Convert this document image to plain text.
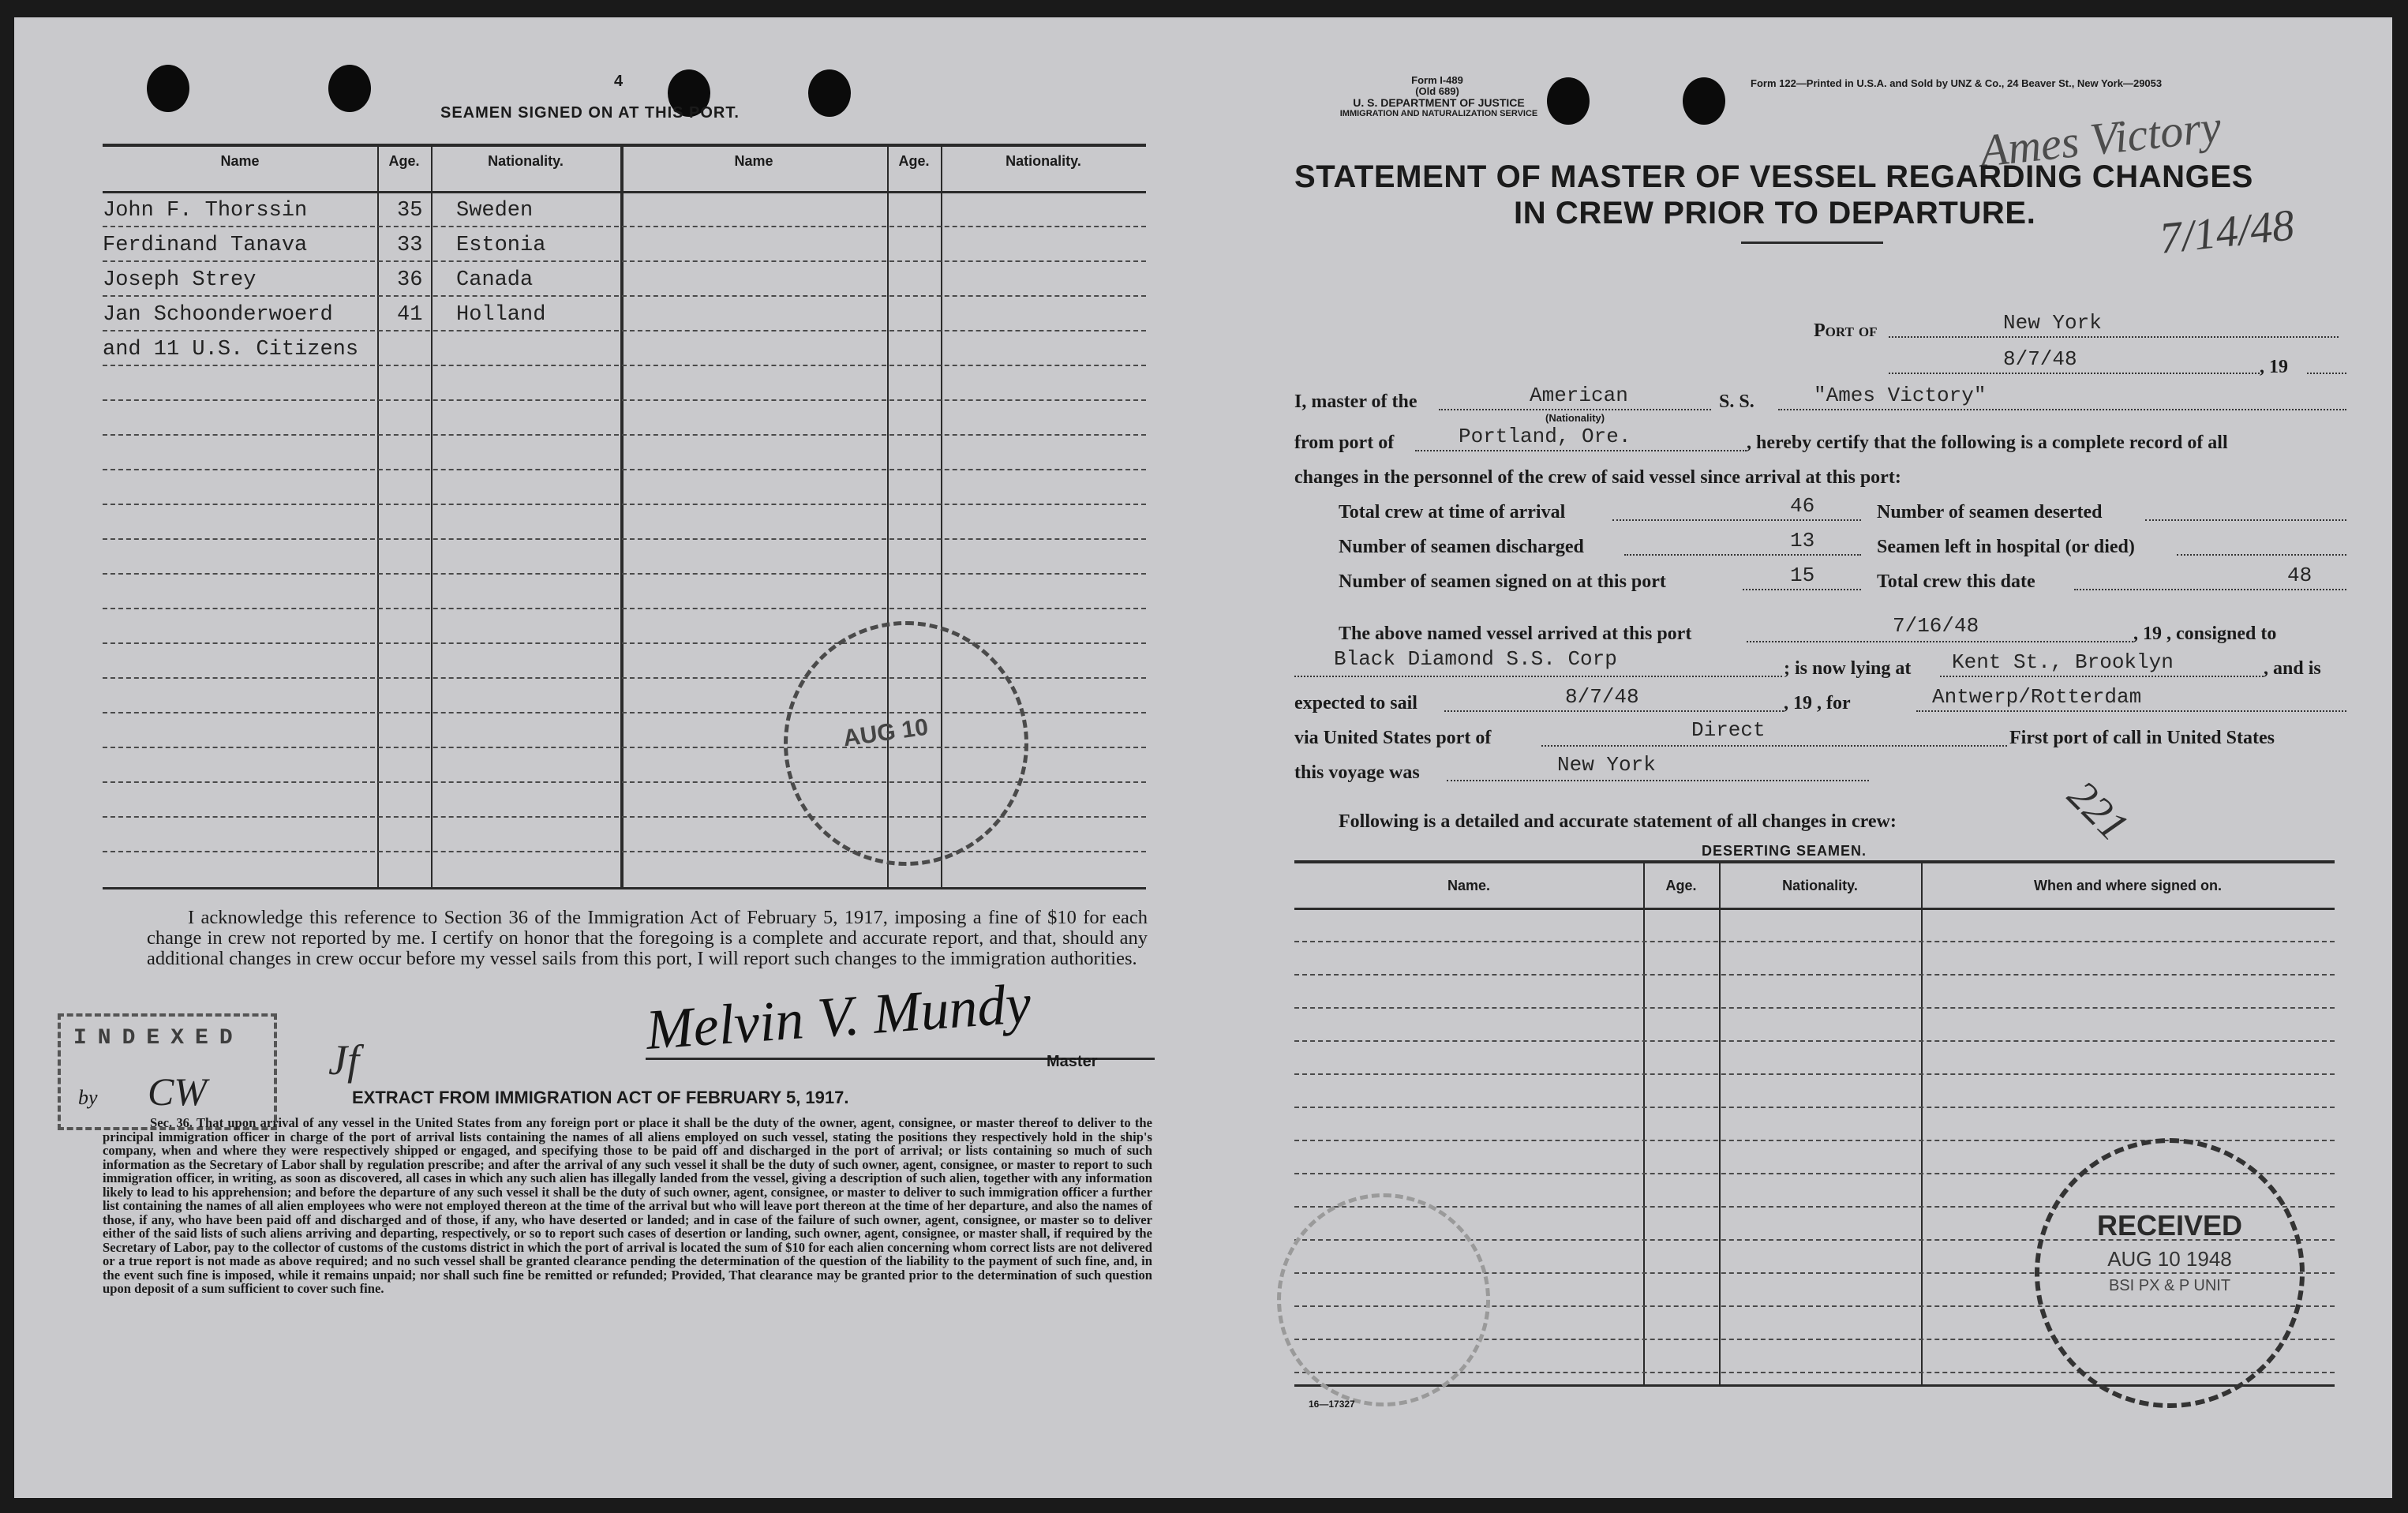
4
SEAMEN SIGNED ON AT THIS PORT.
Name	Age.	Nationality.	Name	Age.	Nationality.
John F. Thorssin	35 Sweden
Ferdinand Tanava	33 Estonia
Joseph Strey	36 Canada
Jan Schoonderwoerd	41 Holland
and 11 U.S. Citizens
AUG 10
I acknowledge this reference to Section 36 of the Immigration Act of February 5, 1917, imposing a fine of $10 for each change in crew not reported by me. I certify on honor that the foregoing is a complete and accurate report, and that, should any additional changes in crew occur before my vessel sails from this port, I will report such changes to the immigration authorities.
INDEXED
by CW
Jf	Melvin V. Mundy
Master
EXTRACT FROM IMMIGRATION ACT OF FEBRUARY 5, 1917.
Sec. 36. That upon arrival of any vessel in the United States from any foreign port or place it shall be the duty of the owner, agent, consignee, or master thereof to deliver to the principal immigration officer in charge of the port of arrival lists containing the names of all aliens employed on such vessel, stating the positions they respectively hold in the ship's company, when and where they were respectively shipped or engaged, and specifying those to be paid off and discharged in the port of arrival; or lists containing so much of such information as the Secretary of Labor shall by regulation prescribe; and after the arrival of any such vessel it shall be the duty of such owner, agent, consignee, or master to report to such immigration officer, in writing, as soon as discovered, all cases in which any such alien has illegally landed from the vessel, giving a description of such alien, together with any information likely to lead to his apprehension; and before the departure of any such vessel it shall be the duty of such owner, agent, consignee, or master to deliver to such immigration officer a further list containing the names of all alien employees who were not employed thereon at the time of the arrival but who will leave port thereon at the time of her departure, and also the names of those, if any, who have been paid off and discharged and of those, if any, who have deserted or landed; and in case of the failure of such owner, agent, consignee, or master so to deliver either of the said lists of such aliens arriving and departing, respectively, or so to report such cases of desertion or landing, such owner, agent, consignee, or master shall, if required by the Secretary of Labor, pay to the collector of customs of the customs district in which the port of arrival is located the sum of $10 for each alien concerning whom correct lists are not delivered or a true report is not made as above required; and no such vessel shall be granted clearance pending the determination of the question of the liability to the payment of such fine, and, in the event such fine is imposed, while it remains unpaid; nor shall such fine be remitted or refunded; Provided, That clearance may be granted prior to the determination of such question upon deposit of a sum sufficient to cover such fine.
Form I-489
(Old 689)
U. S. DEPARTMENT OF JUSTICE
IMMIGRATION AND NATURALIZATION SERVICE
Form 122—Printed in U.S.A. and Sold by UNZ & Co., 24 Beaver St., New York—29053
Ames Victory
7/14/48
STATEMENT OF MASTER OF VESSEL REGARDING CHANGES
IN CREW PRIOR TO DEPARTURE.
Port of	New York
8/7/48	, 19
I, master of the	American
(Nationality)
S. S.	"Ames Victory"
from port of	Portland, Ore.	, hereby certify that the following is a complete record of all
changes in the personnel of the crew of said vessel since arrival at this port:
Total crew at time of arrival	46	Number of seamen deserted
Number of seamen discharged	13	Seamen left in hospital (or died)
Number of seamen signed on at this port	15	Total crew this date	48
The above named vessel arrived at this port	7/16/48	, 19 , consigned to
Black Diamond S.S. Corp	; is now lying at Kent St., Brooklyn	, and is
expected to sail	8/7/48	, 19 , for	Antwerp/Rotterdam
via United States port of	Direct	First port of call in United States
this voyage was	New York
Following is a detailed and accurate statement of all changes in crew:	221
DESERTING SEAMEN.
Name.	Age.	Nationality.	When and where signed on.
RECEIVED
AUG 10 1948
BSI PX & P UNIT
16—17327
